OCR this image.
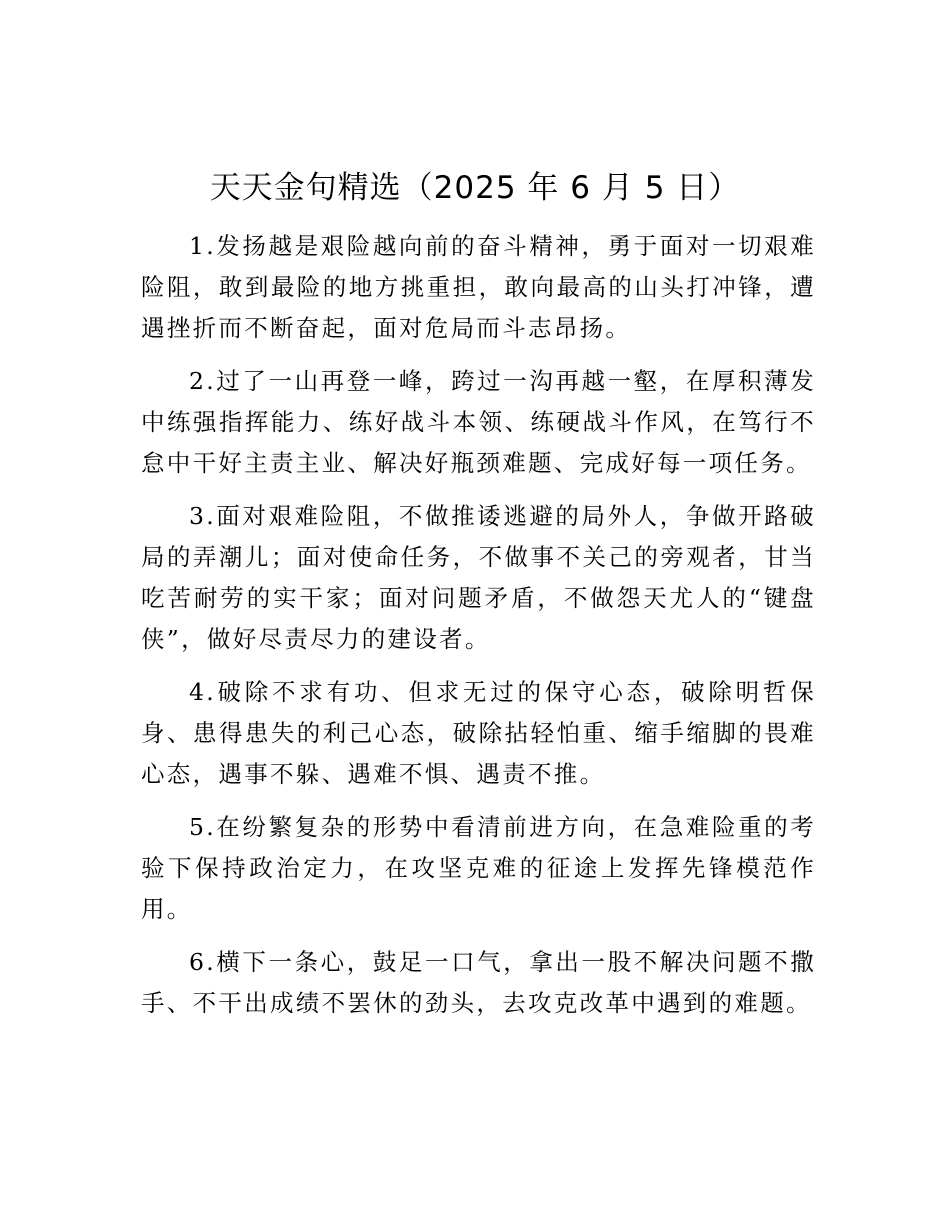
天天金句精选（2025 年 6 月 5 日）

1.发扬越是艰险越向前的奋斗精神，勇于面对一切艰难险阻，敢到最险的地方挑重担，敢向最高的山头打冲锋，遭遇挫折而不断奋起，面对危局而斗志昂扬。

2.过了一山再登一峰，跨过一沟再越一壑，在厚积薄发中练强指挥能力、练好战斗本领、练硬战斗作风，在笃行不怠中干好主责主业、解决好瓶颈难题、完成好每一项任务。

3.面对艰难险阻，不做推诿逃避的局外人，争做开路破局的弄潮儿；面对使命任务，不做事不关己的旁观者，甘当吃苦耐劳的实干家；面对问题矛盾，不做怨天尤人的“键盘侠”，做好尽责尽力的建设者。

4.破除不求有功、但求无过的保守心态，破除明哲保身、患得患失的利己心态，破除拈轻怕重、缩手缩脚的畏难心态，遇事不躲、遇难不惧、遇责不推。

5.在纷繁复杂的形势中看清前进方向，在急难险重的考验下保持政治定力，在攻坚克难的征途上发挥先锋模范作用。

6.横下一条心，鼓足一口气，拿出一股不解决问题不撒手、不干出成绩不罢休的劲头，去攻克改革中遇到的难题。
